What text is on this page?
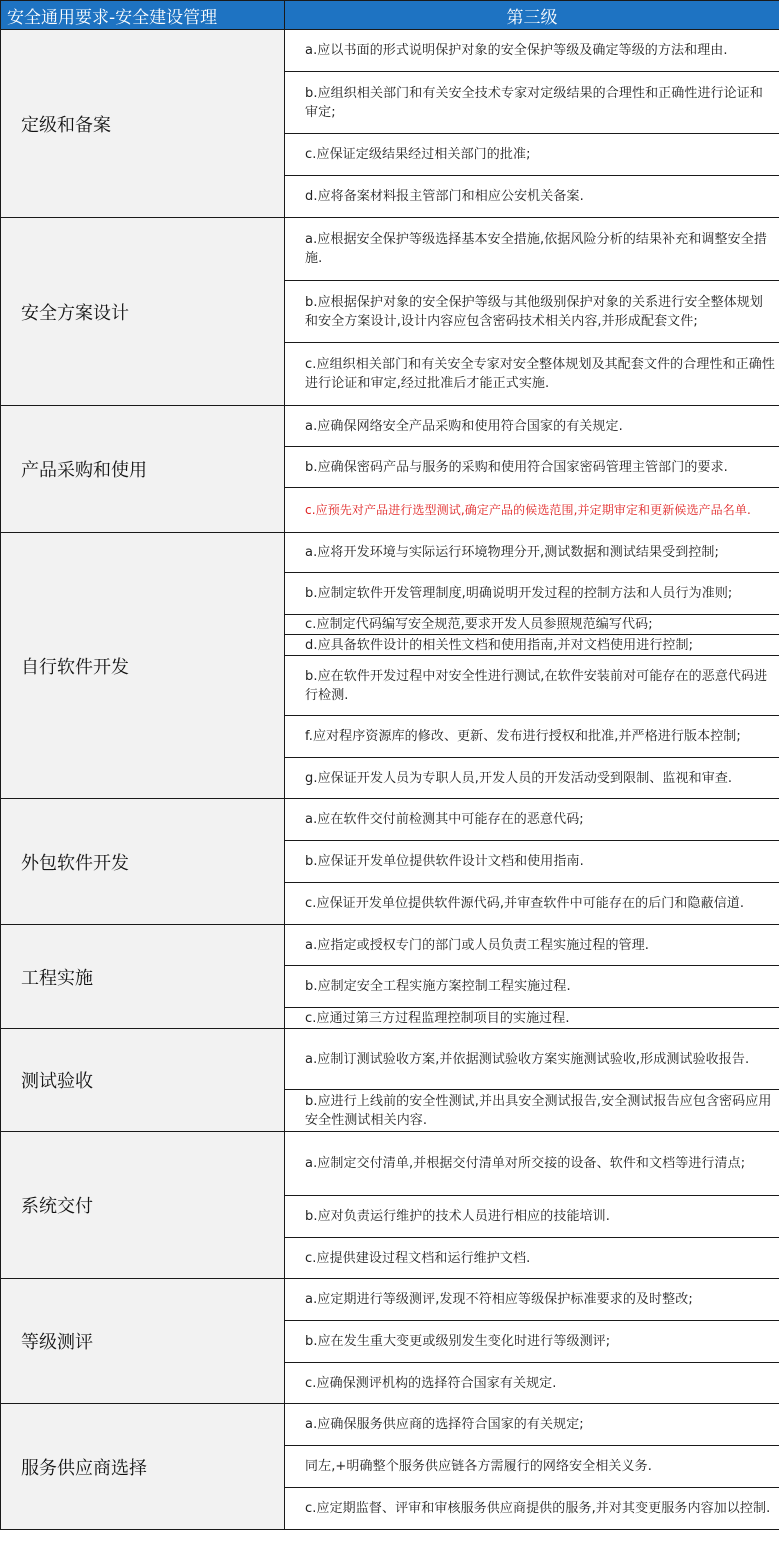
安全通用要求-安全建设管理	第三级
定级和备案	a.应以书面的形式说明保护对象的安全保护等级及确定等级的方法和理由.
	b.应组织相关部门和有关安全技术专家对定级结果的合理性和正确性进行论证和审定;
	c.应保证定级结果经过相关部门的批准;
	d.应将备案材料报主管部门和相应公安机关备案.
安全方案设计	a.应根据安全保护等级选择基本安全措施,依据风险分析的结果补充和调整安全措施.
	b.应根据保护对象的安全保护等级与其他级别保护对象的关系进行安全整体规划和安全方案设计,设计内容应包含密码技术相关内容,并形成配套文件;
	c.应组织相关部门和有关安全专家对安全整体规划及其配套文件的合理性和正确性进行论证和审定,经过批准后才能正式实施.
产品采购和使用	a.应确保网络安全产品采购和使用符合国家的有关规定.
	b.应确保密码产品与服务的采购和使用符合国家密码管理主管部门的要求.
	c.应预先对产品进行选型测试,确定产品的候选范围,并定期审定和更新候选产品名单.
自行软件开发	a.应将开发环境与实际运行环境物理分开,测试数据和测试结果受到控制;
	b.应制定软件开发管理制度,明确说明开发过程的控制方法和人员行为准则;
	c.应制定代码编写安全规范,要求开发人员参照规范编写代码;
	d.应具备软件设计的相关性文档和使用指南,并对文档使用进行控制;
	b.应在软件开发过程中对安全性进行测试,在软件安装前对可能存在的恶意代码进行检测.
	f.应对程序资源库的修改、更新、发布进行授权和批准,并严格进行版本控制;
	g.应保证开发人员为专职人员,开发人员的开发活动受到限制、监视和审查.
外包软件开发	a.应在软件交付前检测其中可能存在的恶意代码;
	b.应保证开发单位提供软件设计文档和使用指南.
	c.应保证开发单位提供软件源代码,并审查软件中可能存在的后门和隐蔽信道.
工程实施	a.应指定或授权专门的部门或人员负责工程实施过程的管理.
	b.应制定安全工程实施方案控制工程实施过程.
	c.应通过第三方过程监理控制项目的实施过程.
测试验收	a.应制订测试验收方案,并依据测试验收方案实施测试验收,形成测试验收报告.
	b.应进行上线前的安全性测试,并出具安全测试报告,安全测试报告应包含密码应用安全性测试相关内容.
系统交付	a.应制定交付清单,并根据交付清单对所交接的设备、软件和文档等进行清点;
	b.应对负责运行维护的技术人员进行相应的技能培训.
	c.应提供建设过程文档和运行维护文档.
等级测评	a.应定期进行等级测评,发现不符相应等级保护标准要求的及时整改;
	b.应在发生重大变更或级别发生变化时进行等级测评;
	c.应确保测评机构的选择符合国家有关规定.
服务供应商选择	a.应确保服务供应商的选择符合国家的有关规定;
	同左,+明确整个服务供应链各方需履行的网络安全相关义务.
	c.应定期监督、评审和审核服务供应商提供的服务,并对其变更服务内容加以控制.
